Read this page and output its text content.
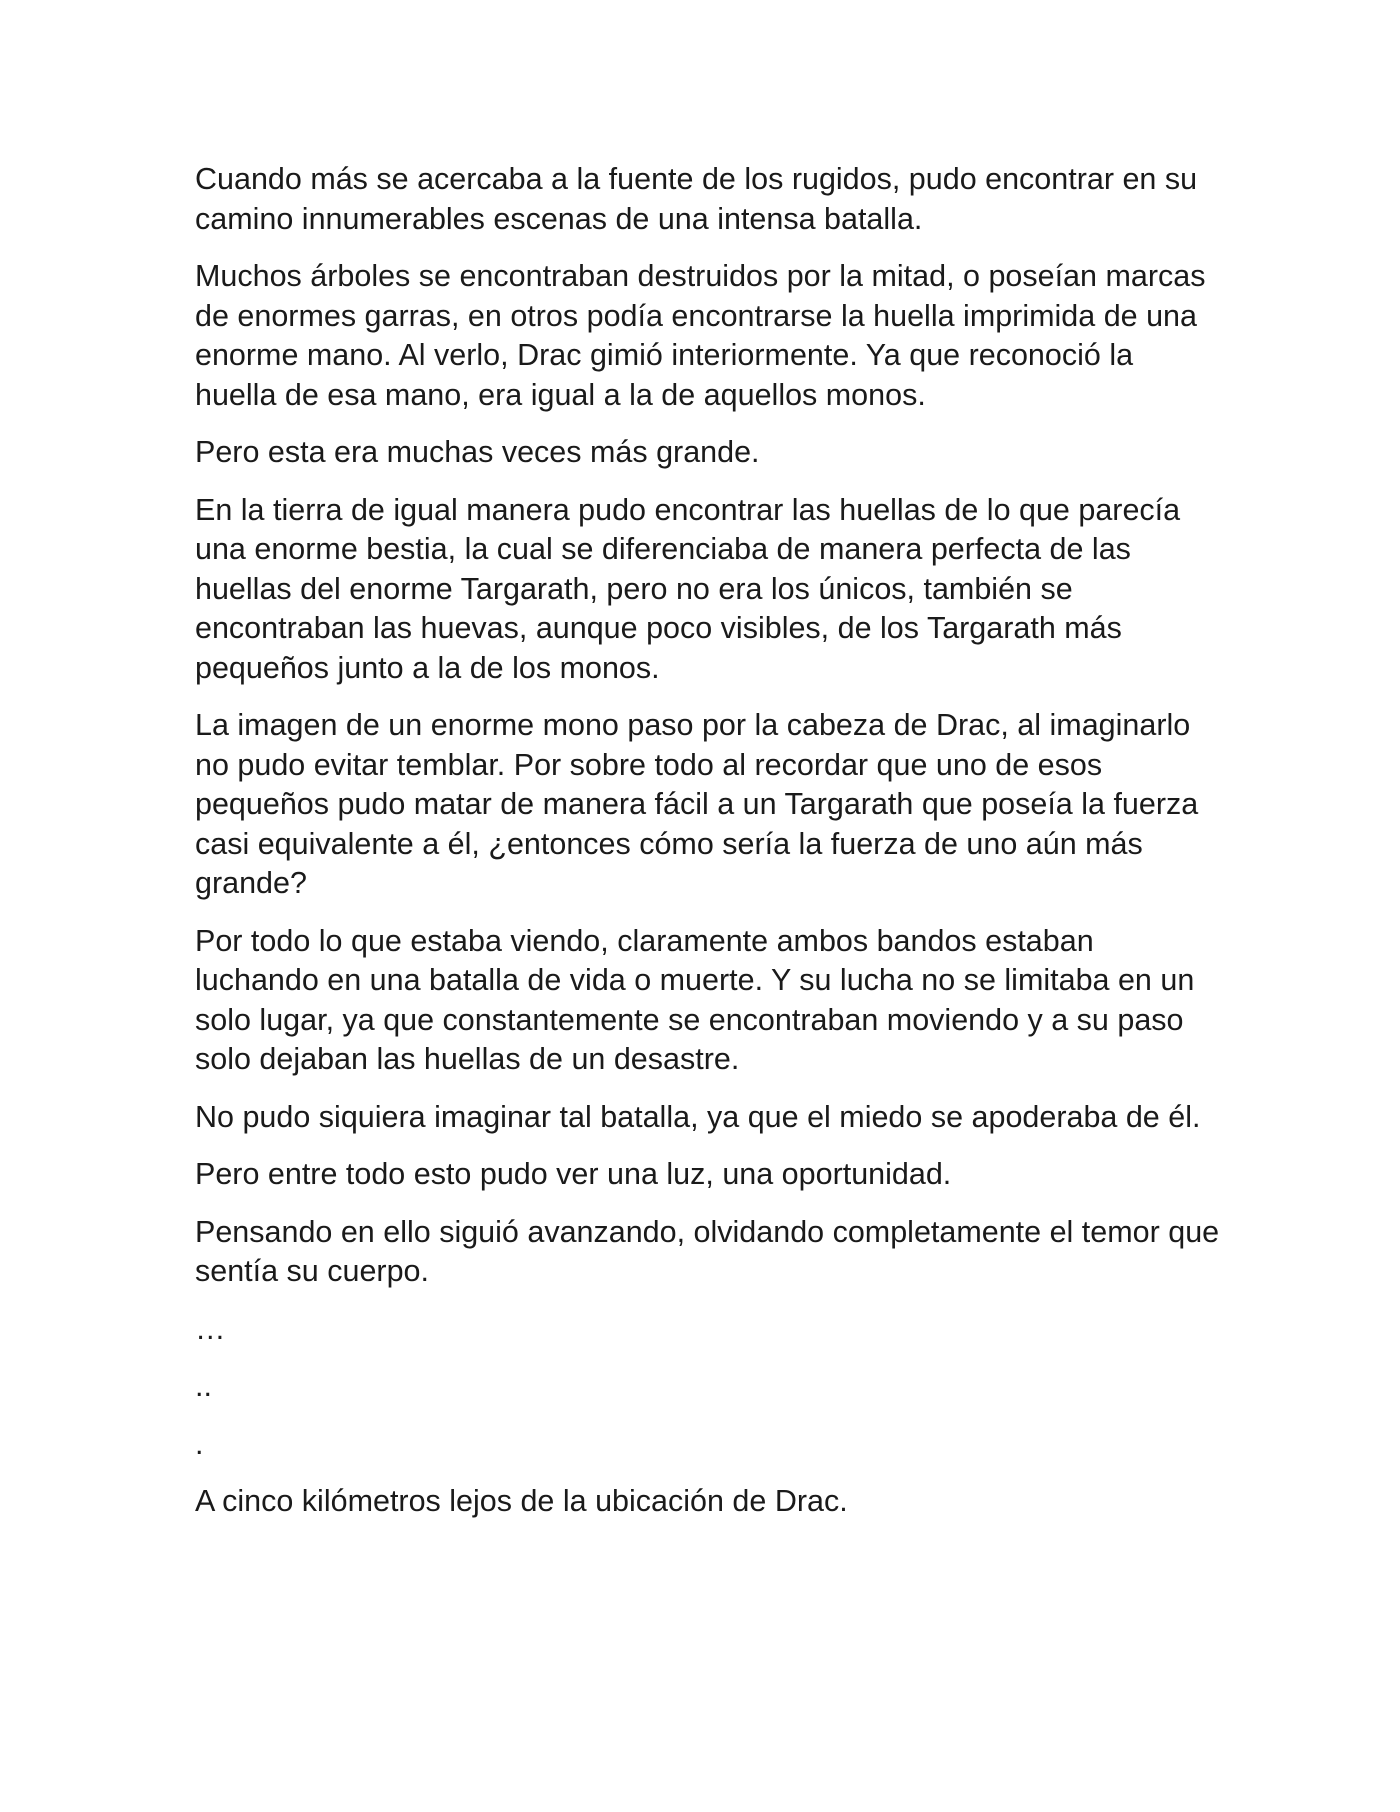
Cuando más se acercaba a la fuente de los rugidos, pudo encontrar en su camino innumerables escenas de una intensa batalla.

Muchos árboles se encontraban destruidos por la mitad, o poseían marcas de enormes garras, en otros podía encontrarse la huella imprimida de una enorme mano. Al verlo, Drac gimió interiormente. Ya que reconoció la huella de esa mano, era igual a la de aquellos monos.

Pero esta era muchas veces más grande.

En la tierra de igual manera pudo encontrar las huellas de lo que parecía una enorme bestia, la cual se diferenciaba de manera perfecta de las huellas del enorme Targarath, pero no era los únicos, también se encontraban las huevas, aunque poco visibles, de los Targarath más pequeños junto a la de los monos.

La imagen de un enorme mono paso por la cabeza de Drac, al imaginarlo no pudo evitar temblar. Por sobre todo al recordar que uno de esos pequeños pudo matar de manera fácil a un Targarath que poseía la fuerza casi equivalente a él, ¿entonces cómo sería la fuerza de uno aún más grande?

Por todo lo que estaba viendo, claramente ambos bandos estaban luchando en una batalla de vida o muerte. Y su lucha no se limitaba en un solo lugar, ya que constantemente se encontraban moviendo y a su paso solo dejaban las huellas de un desastre.

No pudo siquiera imaginar tal batalla, ya que el miedo se apoderaba de él.

Pero entre todo esto pudo ver una luz, una oportunidad.

Pensando en ello siguió avanzando, olvidando completamente el temor que sentía su cuerpo.

…

..

.

A cinco kilómetros lejos de la ubicación de Drac.
